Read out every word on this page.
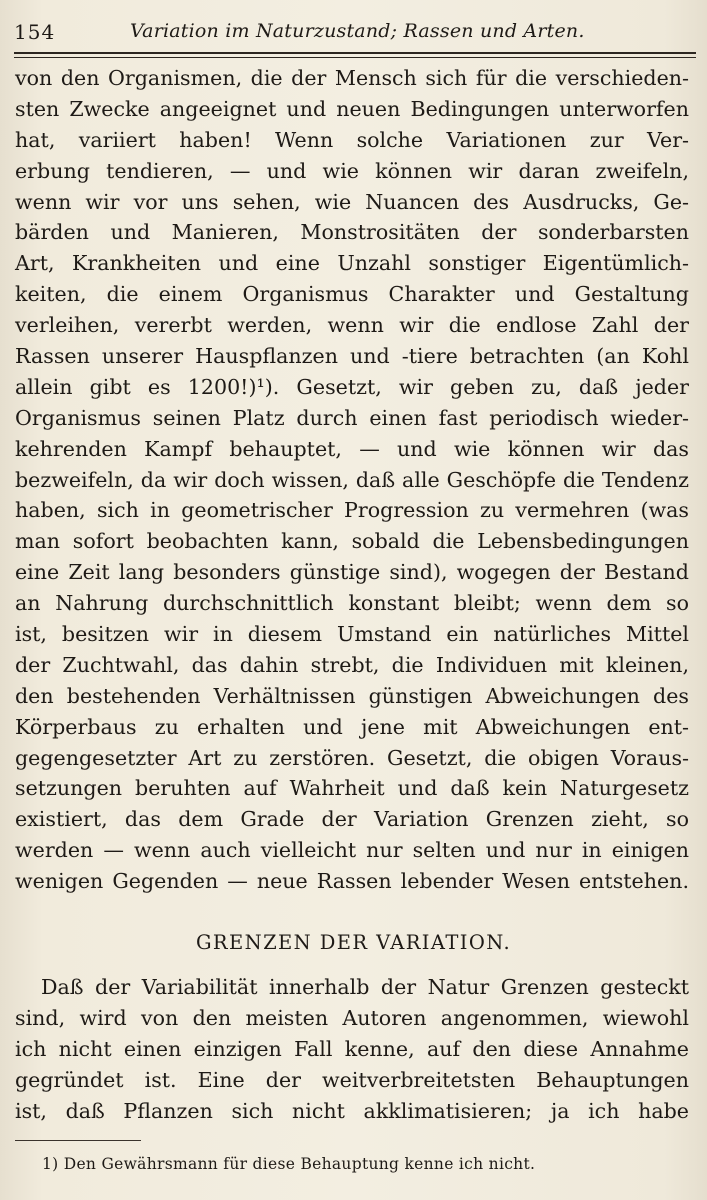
154	Variation im Naturzustand; Rassen und Arten.
von den Organismen, die der Mensch sich für die verschieden-
sten Zwecke angeeignet und neuen Bedingungen unterworfen
hat, variiert haben! Wenn solche Variationen zur Ver-
erbung tendieren, — und wie können wir daran zweifeln,
wenn wir vor uns sehen, wie Nuancen des Ausdrucks, Ge-
bärden und Manieren, Monstrositäten der sonderbarsten
Art, Krankheiten und eine Unzahl sonstiger Eigentümlich-
keiten, die einem Organismus Charakter und Gestaltung
verleihen, vererbt werden, wenn wir die endlose Zahl der
Rassen unserer Hauspflanzen und -tiere betrachten (an Kohl
allein gibt es 1200!)¹). Gesetzt, wir geben zu, daß jeder
Organismus seinen Platz durch einen fast periodisch wieder-
kehrenden Kampf behauptet, — und wie können wir das
bezweifeln, da wir doch wissen, daß alle Geschöpfe die Tendenz
haben, sich in geometrischer Progression zu vermehren (was
man sofort beobachten kann, sobald die Lebensbedingungen
eine Zeit lang besonders günstige sind), wogegen der Bestand
an Nahrung durchschnittlich konstant bleibt; wenn dem so
ist, besitzen wir in diesem Umstand ein natürliches Mittel
der Zuchtwahl, das dahin strebt, die Individuen mit kleinen,
den bestehenden Verhältnissen günstigen Abweichungen des
Körperbaus zu erhalten und jene mit Abweichungen ent-
gegengesetzter Art zu zerstören. Gesetzt, die obigen Voraus-
setzungen beruhten auf Wahrheit und daß kein Naturgesetz
existiert, das dem Grade der Variation Grenzen zieht, so
werden — wenn auch vielleicht nur selten und nur in einigen
wenigen Gegenden — neue Rassen lebender Wesen entstehen.
GRENZEN DER VARIATION.
Daß der Variabilität innerhalb der Natur Grenzen gesteckt
sind, wird von den meisten Autoren angenommen, wiewohl
ich nicht einen einzigen Fall kenne, auf den diese Annahme
gegründet ist. Eine der weitverbreitetsten Behauptungen
ist, daß Pflanzen sich nicht akklimatisieren; ja ich habe
1) Den Gewährsmann für diese Behauptung kenne ich nicht.
